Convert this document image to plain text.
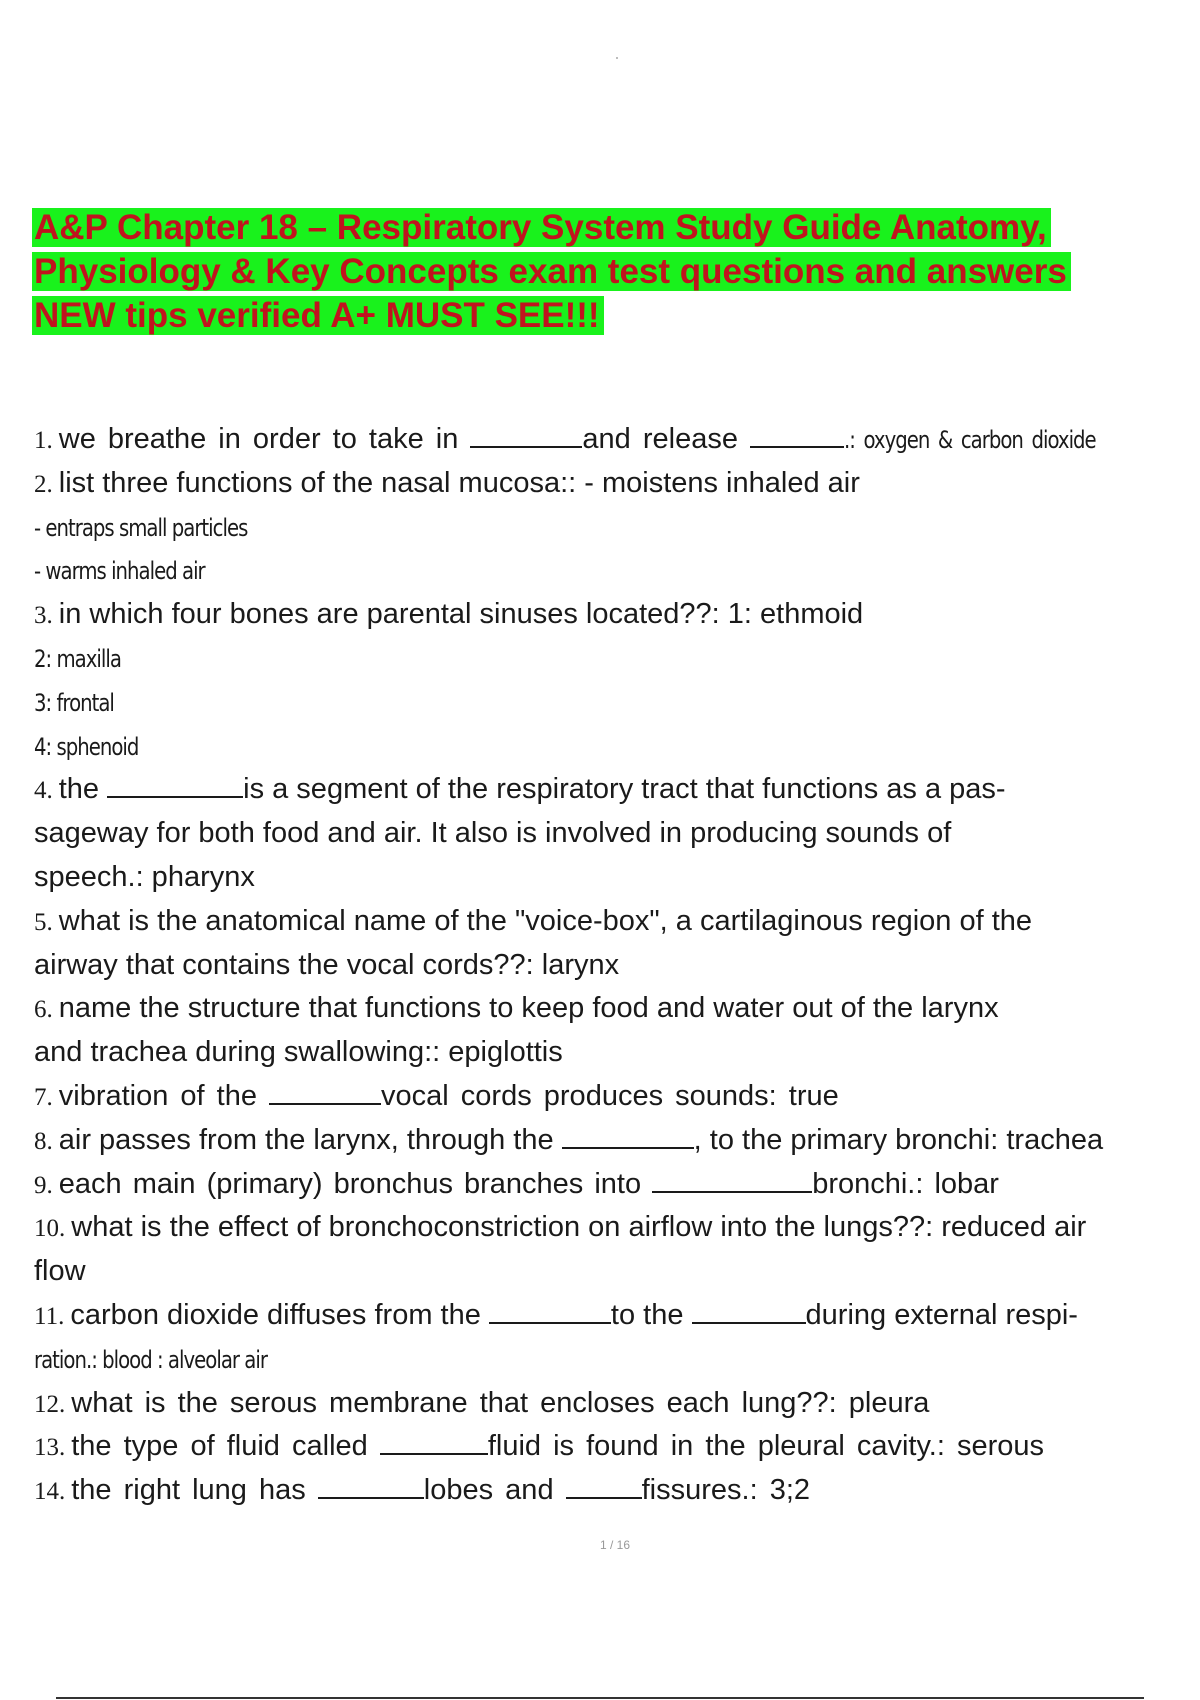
A&P Chapter 18 – Respiratory System Study Guide Anatomy,
Physiology & Key Concepts exam test questions and answers
NEW tips verified A+ MUST SEE!!!
1. we breathe in order to take in	and release	.: oxygen & carbon dioxide
2. list three functions of the nasal mucosa:: - moistens inhaled air
- entraps small particles
- warms inhaled air
3. in which four bones are parental sinuses located??: 1: ethmoid
2: maxilla
3: frontal
4: sphenoid
4. the	is a segment of the respiratory tract that functions as a pas-
sageway for both food and air. It also is involved in producing sounds of
speech.: pharynx
5. what is the anatomical name of the "voice-box", a cartilaginous region of the
airway that contains the vocal cords??: larynx
6. name the structure that functions to keep food and water out of the larynx
and trachea during swallowing:: epiglottis
7. vibration of the	vocal cords produces sounds: true
8. air passes from the larynx, through the	, to the primary bronchi: trachea
9. each main (primary) bronchus branches into	bronchi.: lobar
10. what is the effect of bronchoconstriction on airflow into the lungs??: reduced air
flow
11. carbon dioxide diffuses from the	to the	during external respi-
ration.: blood : alveolar air
12. what is the serous membrane that encloses each lung??: pleura
13. the type of fluid called	fluid is found in the pleural cavity.: serous
14. the right lung has	lobes and	fissures.: 3;2
1 / 16
